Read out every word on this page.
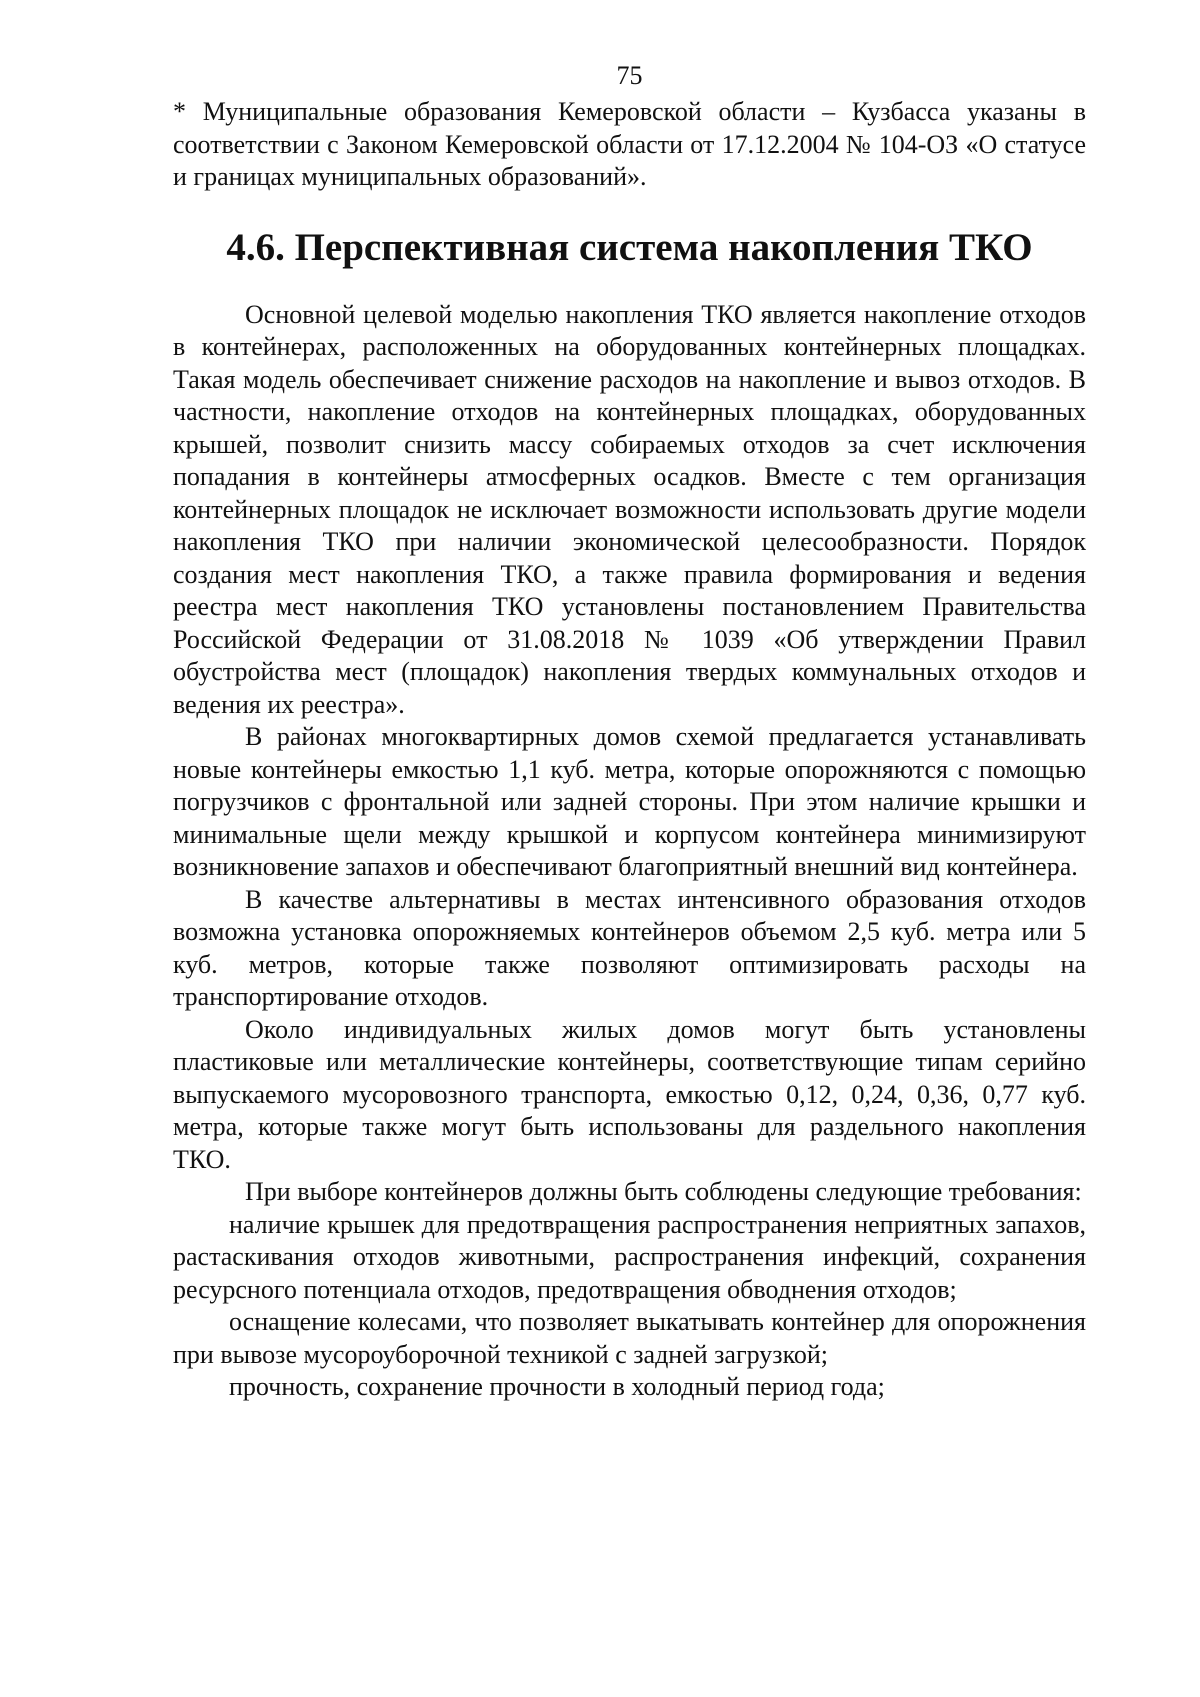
75

* Муниципальные образования Кемеровской области – Кузбасса указаны в соответствии с Законом Кемеровской области от 17.12.2004 № 104-ОЗ «О статусе и границах муниципальных образований».

4.6. Перспективная система накопления ТКО

Основной целевой моделью накопления ТКО является накопление отходов в контейнерах, расположенных на оборудованных контейнерных площадках. Такая модель обеспечивает снижение расходов на накопление и вывоз отходов. В частности, накопление отходов на контейнерных площадках, оборудованных крышей, позволит снизить массу собираемых отходов за счет исключения попадания в контейнеры атмосферных осадков. Вместе с тем организация контейнерных площадок не исключает возможности использовать другие модели накопления ТКО при наличии экономической целесообразности. Порядок создания мест накопления ТКО, а также правила формирования и ведения реестра мест накопления ТКО установлены постановлением Правительства Российской Федерации от 31.08.2018 № 1039 «Об утверждении Правил обустройства мест (площадок) накопления твердых коммунальных отходов и ведения их реестра».

В районах многоквартирных домов схемой предлагается устанавливать новые контейнеры емкостью 1,1 куб. метра, которые опорожняются с помощью погрузчиков с фронтальной или задней стороны. При этом наличие крышки и минимальные щели между крышкой и корпусом контейнера минимизируют возникновение запахов и обеспечивают благоприятный внешний вид контейнера.

В качестве альтернативы в местах интенсивного образования отходов возможна установка опорожняемых контейнеров объемом 2,5 куб. метра или 5 куб. метров, которые также позволяют оптимизировать расходы на транспортирование отходов.

Около индивидуальных жилых домов могут быть установлены пластиковые или металлические контейнеры, соответствующие типам серийно выпускаемого мусоровозного транспорта, емкостью 0,12, 0,24, 0,36, 0,77 куб. метра, которые также могут быть использованы для раздельного накопления ТКО.

При выборе контейнеров должны быть соблюдены следующие требования:

наличие крышек для предотвращения распространения неприятных запахов, растаскивания отходов животными, распространения инфекций, сохранения ресурсного потенциала отходов, предотвращения обводнения отходов;

оснащение колесами, что позволяет выкатывать контейнер для опорожнения при вывозе мусороуборочной техникой с задней загрузкой;

прочность, сохранение прочности в холодный период года;
